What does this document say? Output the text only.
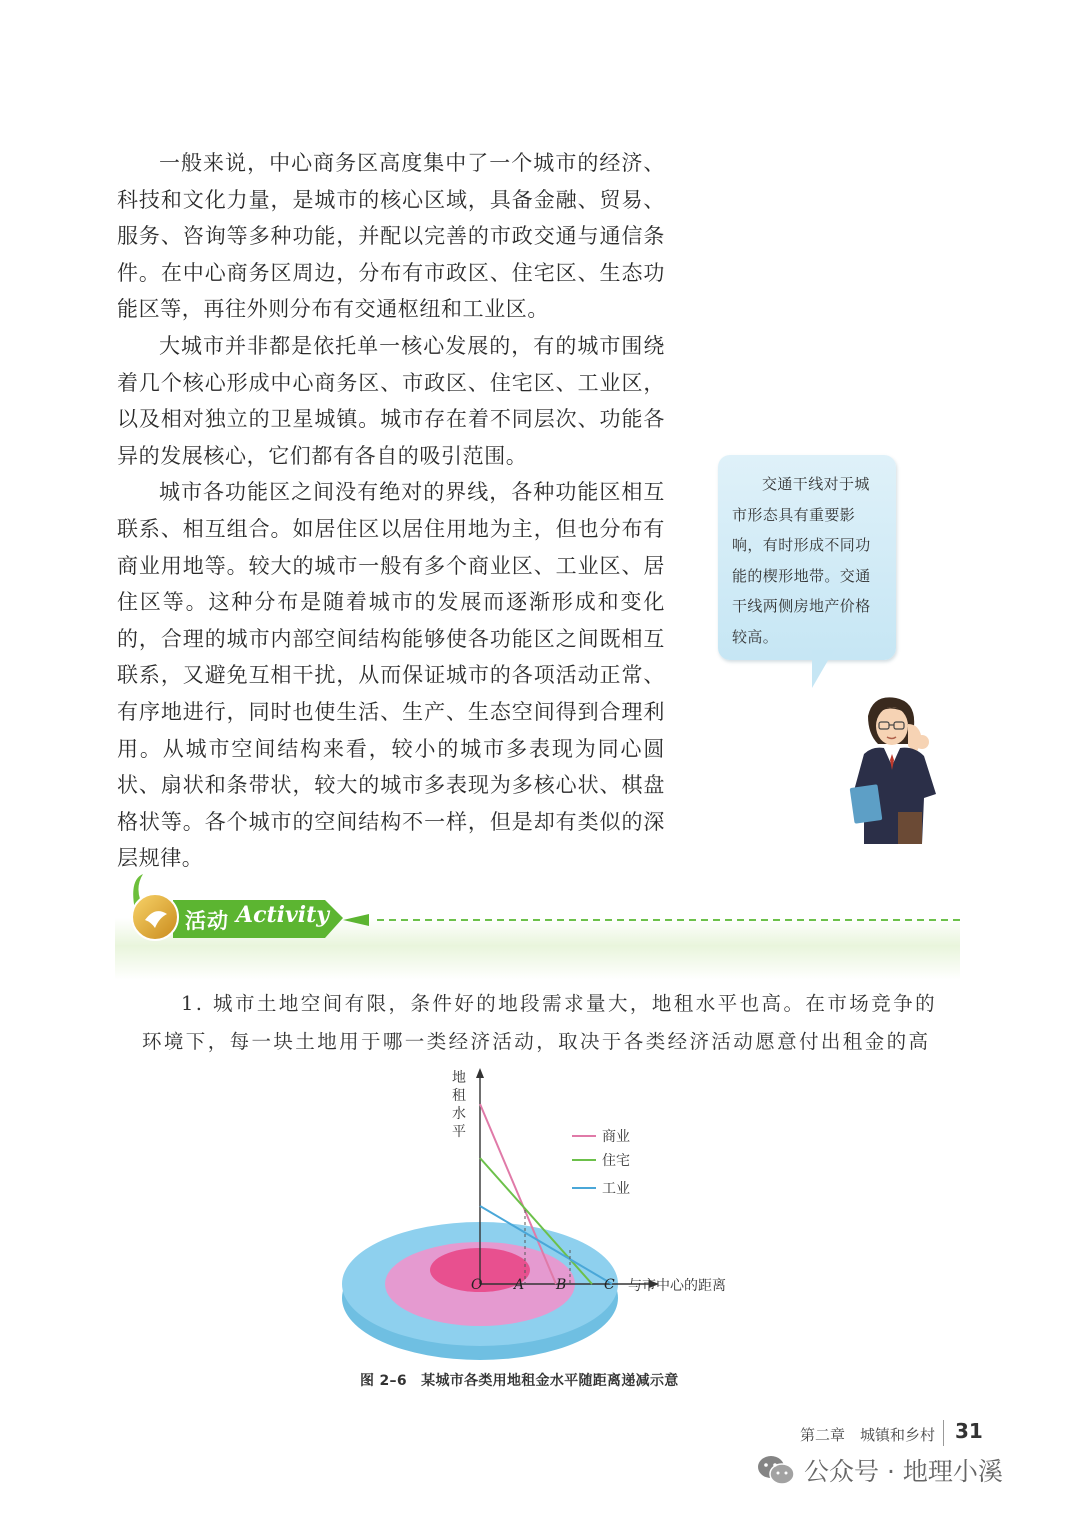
一般来说，中心商务区高度集中了一个城市的经济、科技和文化力量，是城市的核心区域，具备金融、贸易、服务、咨询等多种功能，并配以完善的市政交通与通信条件。在中心商务区周边，分布有市政区、住宅区、生态功能区等，再往外则分布有交通枢纽和工业区。

大城市并非都是依托单一核心发展的，有的城市围绕着几个核心形成中心商务区、市政区、住宅区、工业区，以及相对独立的卫星城镇。城市存在着不同层次、功能各异的发展核心，它们都有各自的吸引范围。

城市各功能区之间没有绝对的界线，各种功能区相互联系、相互组合。如居住区以居住用地为主，但也分布有商业用地等。较大的城市一般有多个商业区、工业区、居住区等。这种分布是随着城市的发展而逐渐形成和变化的，合理的城市内部空间结构能够使各功能区之间既相互联系，又避免互相干扰，从而保证城市的各项活动正常、有序地进行，同时也使生活、生产、生态空间得到合理利用。从城市空间结构来看，较小的城市多表现为同心圆状、扇状和条带状，较大的城市多表现为多核心状、棋盘格状等。各个城市的空间结构不一样，但是却有类似的深层规律。

交通干线对于城市形态具有重要影响，有时形成不同功能的楔形地带。交通干线两侧房地产价格较高。

活动 Activity

1. 城市土地空间有限，条件好的地段需求量大，地租水平也高。在市场竞争的环境下，每一块土地用于哪一类经济活动，取决于各类经济活动愿意付出租金的高

商业
住宅
工业
地 租 水 平
O A B	C 与市中心的距离
图 2–6　某城市各类用地租金水平随距离递减示意
第二章　城镇和乡村 31
公众号 · 地理小溪
